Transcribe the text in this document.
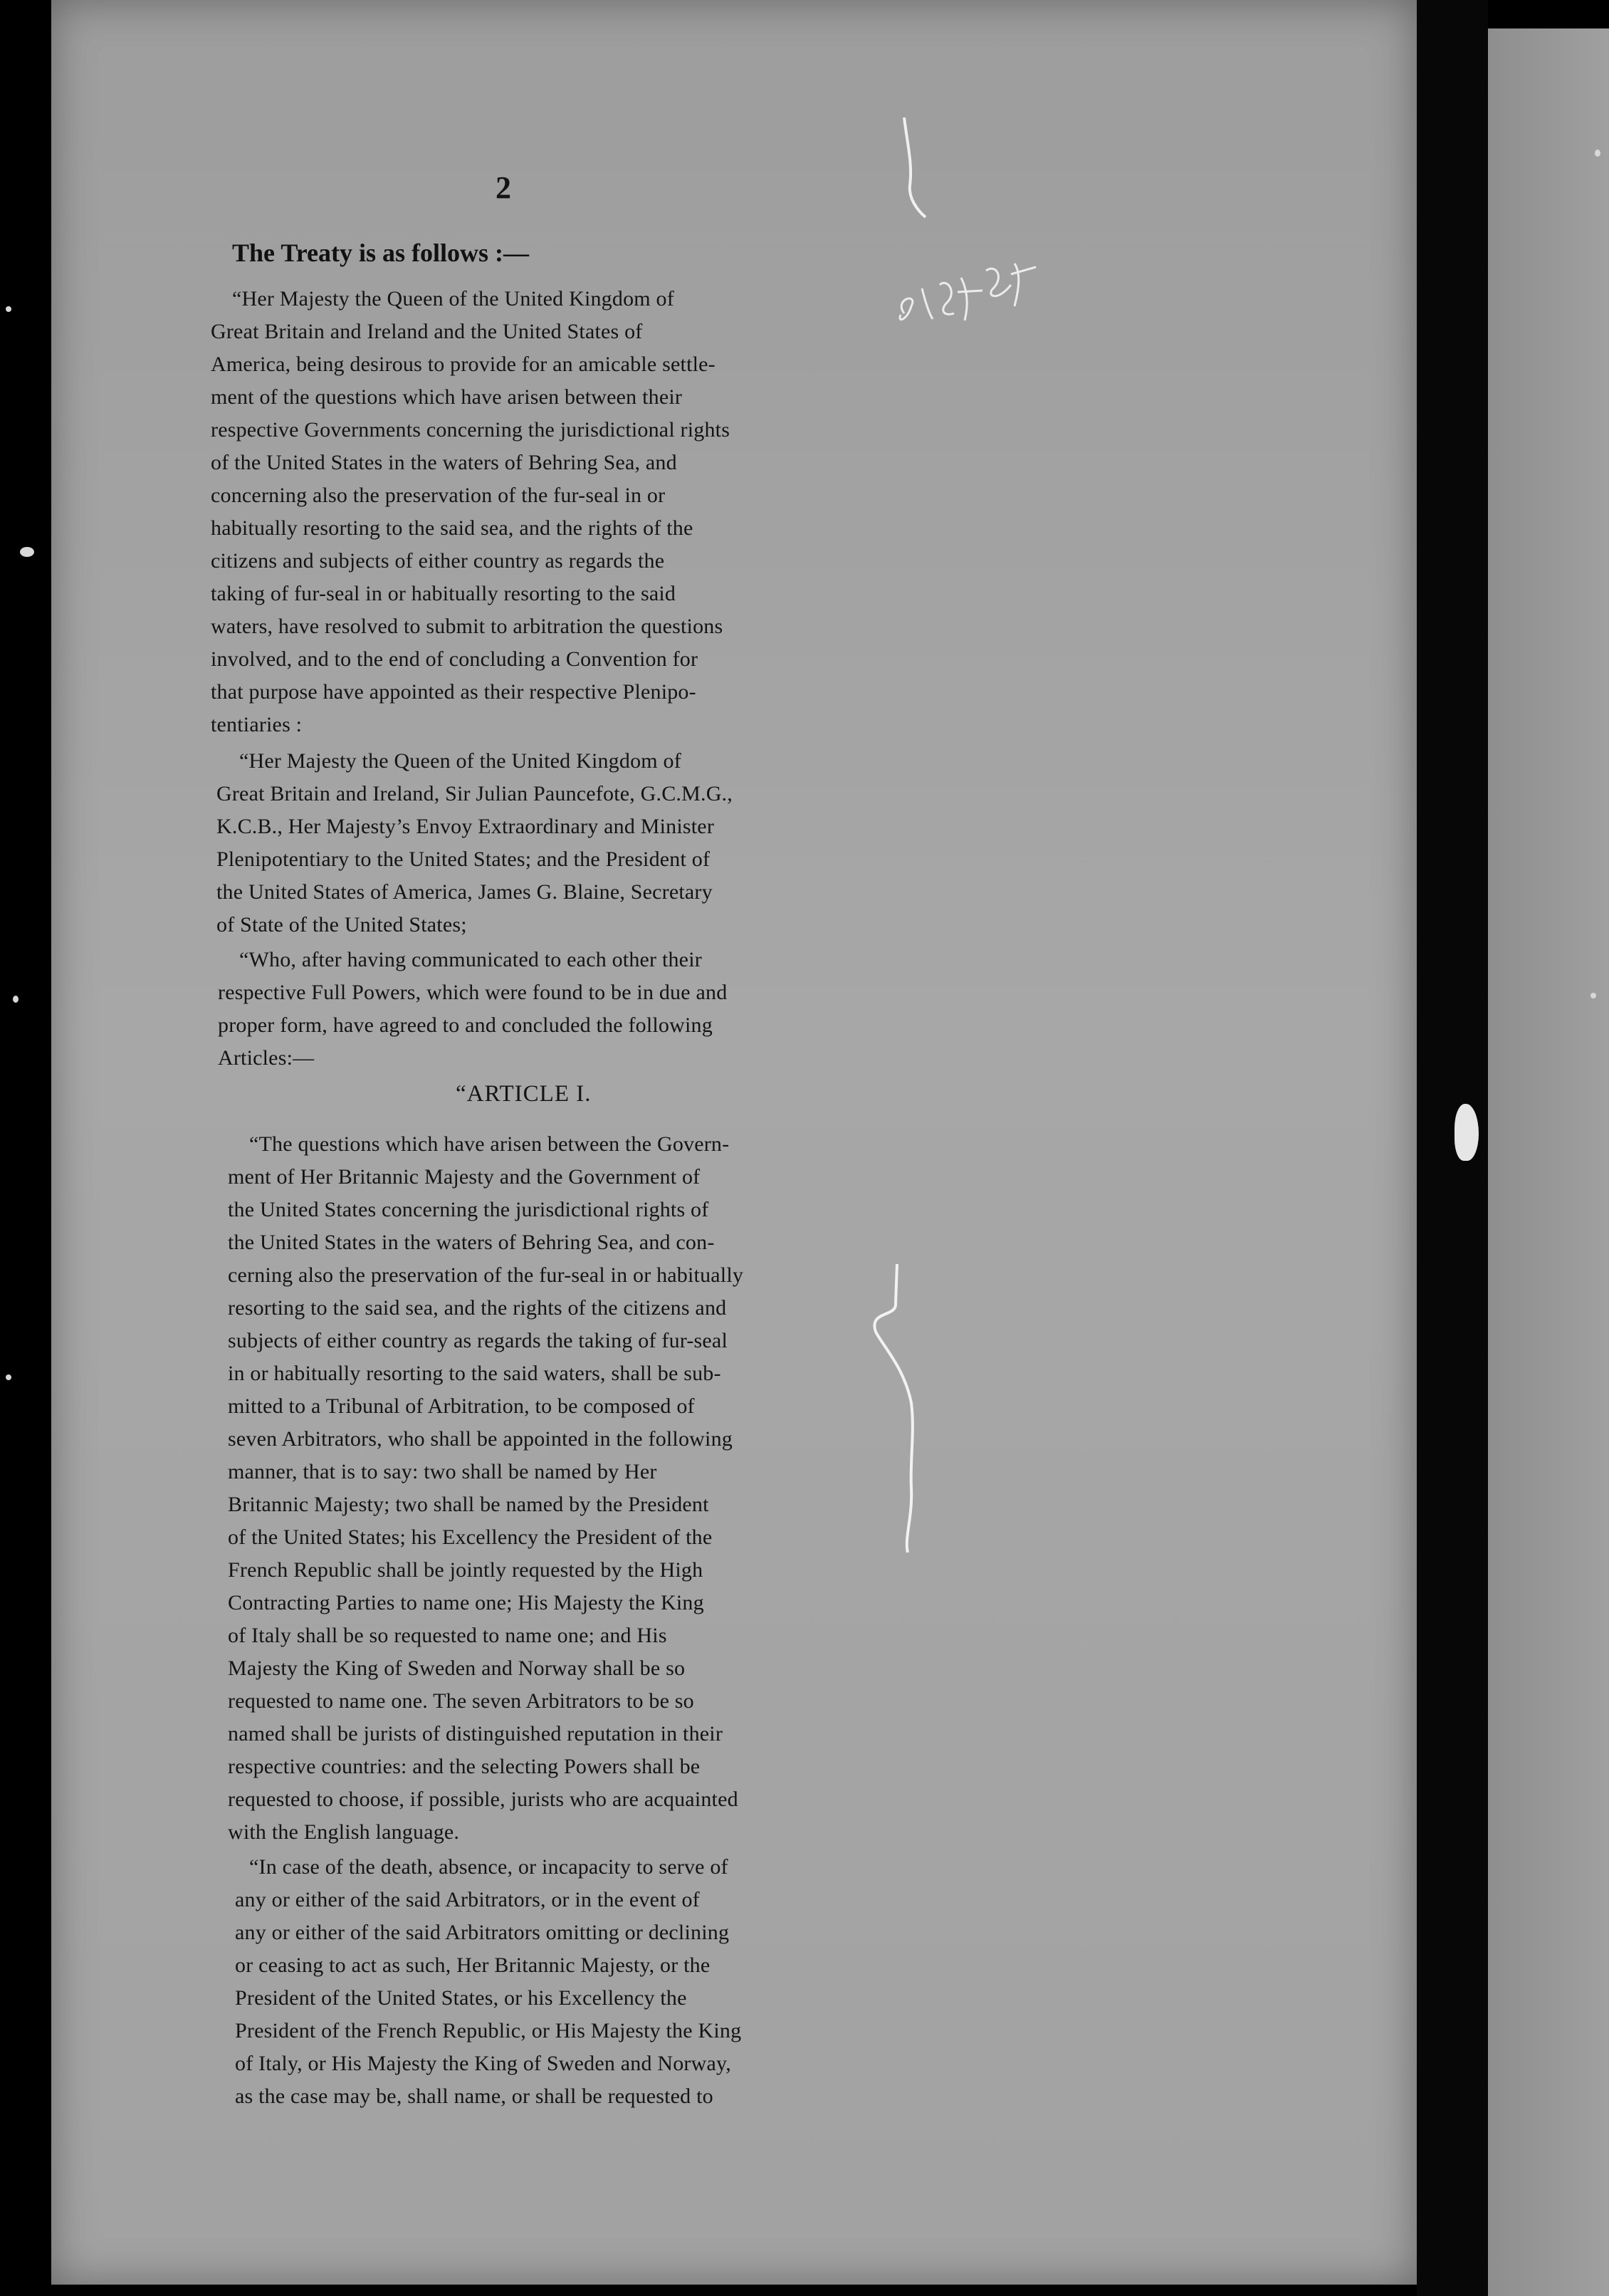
2
The Treaty is as follows :—
“Her Majesty the Queen of the United Kingdom of
Great Britain and Ireland and the United States of
America, being desirous to provide for an amicable settle-
ment of the questions which have arisen between their
respective Governments concerning the jurisdictional rights
of the United States in the waters of Behring Sea, and
concerning also the preservation of the fur-seal in or
habitually resorting to the said sea, and the rights of the
citizens and subjects of either country as regards the
taking of fur-seal in or habitually resorting to the said
waters, have resolved to submit to arbitration the questions
involved, and to the end of concluding a Convention for
that purpose have appointed as their respective Plenipo-
tentiaries :
“Her Majesty the Queen of the United Kingdom of
Great Britain and Ireland, Sir Julian Pauncefote, G.C.M.G.,
K.C.B., Her Majesty’s Envoy Extraordinary and Minister
Plenipotentiary to the United States; and the President of
the United States of America, James G. Blaine, Secretary
of State of the United States;
“Who, after having communicated to each other their
respective Full Powers, which were found to be in due and
proper form, have agreed to and concluded the following
Articles:—
“ARTICLE I.
“The questions which have arisen between the Govern-
ment of Her Britannic Majesty and the Government of
the United States concerning the jurisdictional rights of
the United States in the waters of Behring Sea, and con-
cerning also the preservation of the fur-seal in or habitually
resorting to the said sea, and the rights of the citizens and
subjects of either country as regards the taking of fur-seal
in or habitually resorting to the said waters, shall be sub-
mitted to a Tribunal of Arbitration, to be composed of
seven Arbitrators, who shall be appointed in the following
manner, that is to say: two shall be named by Her
Britannic Majesty; two shall be named by the President
of the United States; his Excellency the President of the
French Republic shall be jointly requested by the High
Contracting Parties to name one; His Majesty the King
of Italy shall be so requested to name one; and His
Majesty the King of Sweden and Norway shall be so
requested to name one. The seven Arbitrators to be so
named shall be jurists of distinguished reputation in their
respective countries: and the selecting Powers shall be
requested to choose, if possible, jurists who are acquainted
with the English language.
“In case of the death, absence, or incapacity to serve of
any or either of the said Arbitrators, or in the event of
any or either of the said Arbitrators omitting or declining
or ceasing to act as such, Her Britannic Majesty, or the
President of the United States, or his Excellency the
President of the French Republic, or His Majesty the King
of Italy, or His Majesty the King of Sweden and Norway,
as the case may be, shall name, or shall be requested to
